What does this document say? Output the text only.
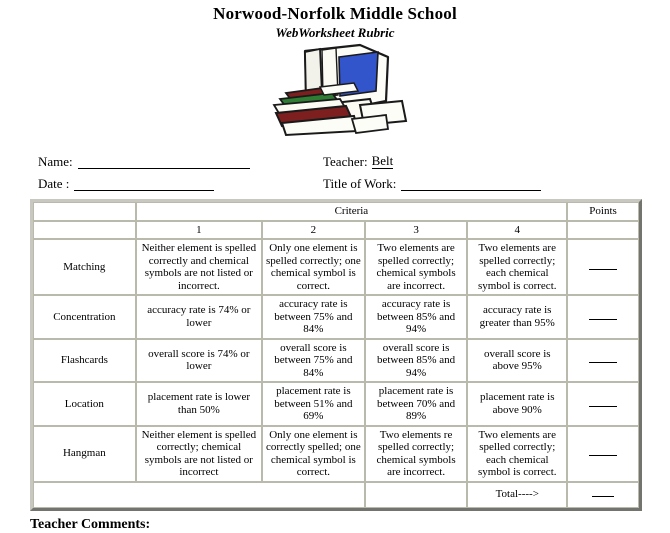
Norwood-Norfolk Middle School
WebWorksheet Rubric
Name:	Teacher: Belt
Date :	Title of Work:
	Criteria				Points
	1	2	3	4	
Matching	Neither element is spelled correctly and chemical symbols are not listed or incorrect.	Only one element is spelled correctly; one chemical symbol is correct.	Two elements are spelled correctly; chemical symbols are incorrect.	Two elements are spelled correctly; each chemical symbol is correct.	
Concentration	accuracy rate is 74% or lower	accuracy rate is between 75% and 84%	accuracy rate is between 85% and 94%	accuracy rate is greater than 95%	
Flashcards	overall score is 74% or lower	overall score is between 75% and 84%	overall score is between 85% and 94%	overall score is above 95%	
Location	placement rate is lower than 50%	placement rate is between 51% and 69%	placement rate is between 70% and 89%	placement rate is above 90%	
Hangman	Neither element is spelled correctly; chemical symbols are not listed or incorrect	Only one element is correctly spelled; one chemical symbol is correct.	Two elements re spelled correctly; chemical symbols are incorrect.	Two elements are spelled correctly; each chemical symbol is correct.	
				Total---->	
Teacher Comments:
